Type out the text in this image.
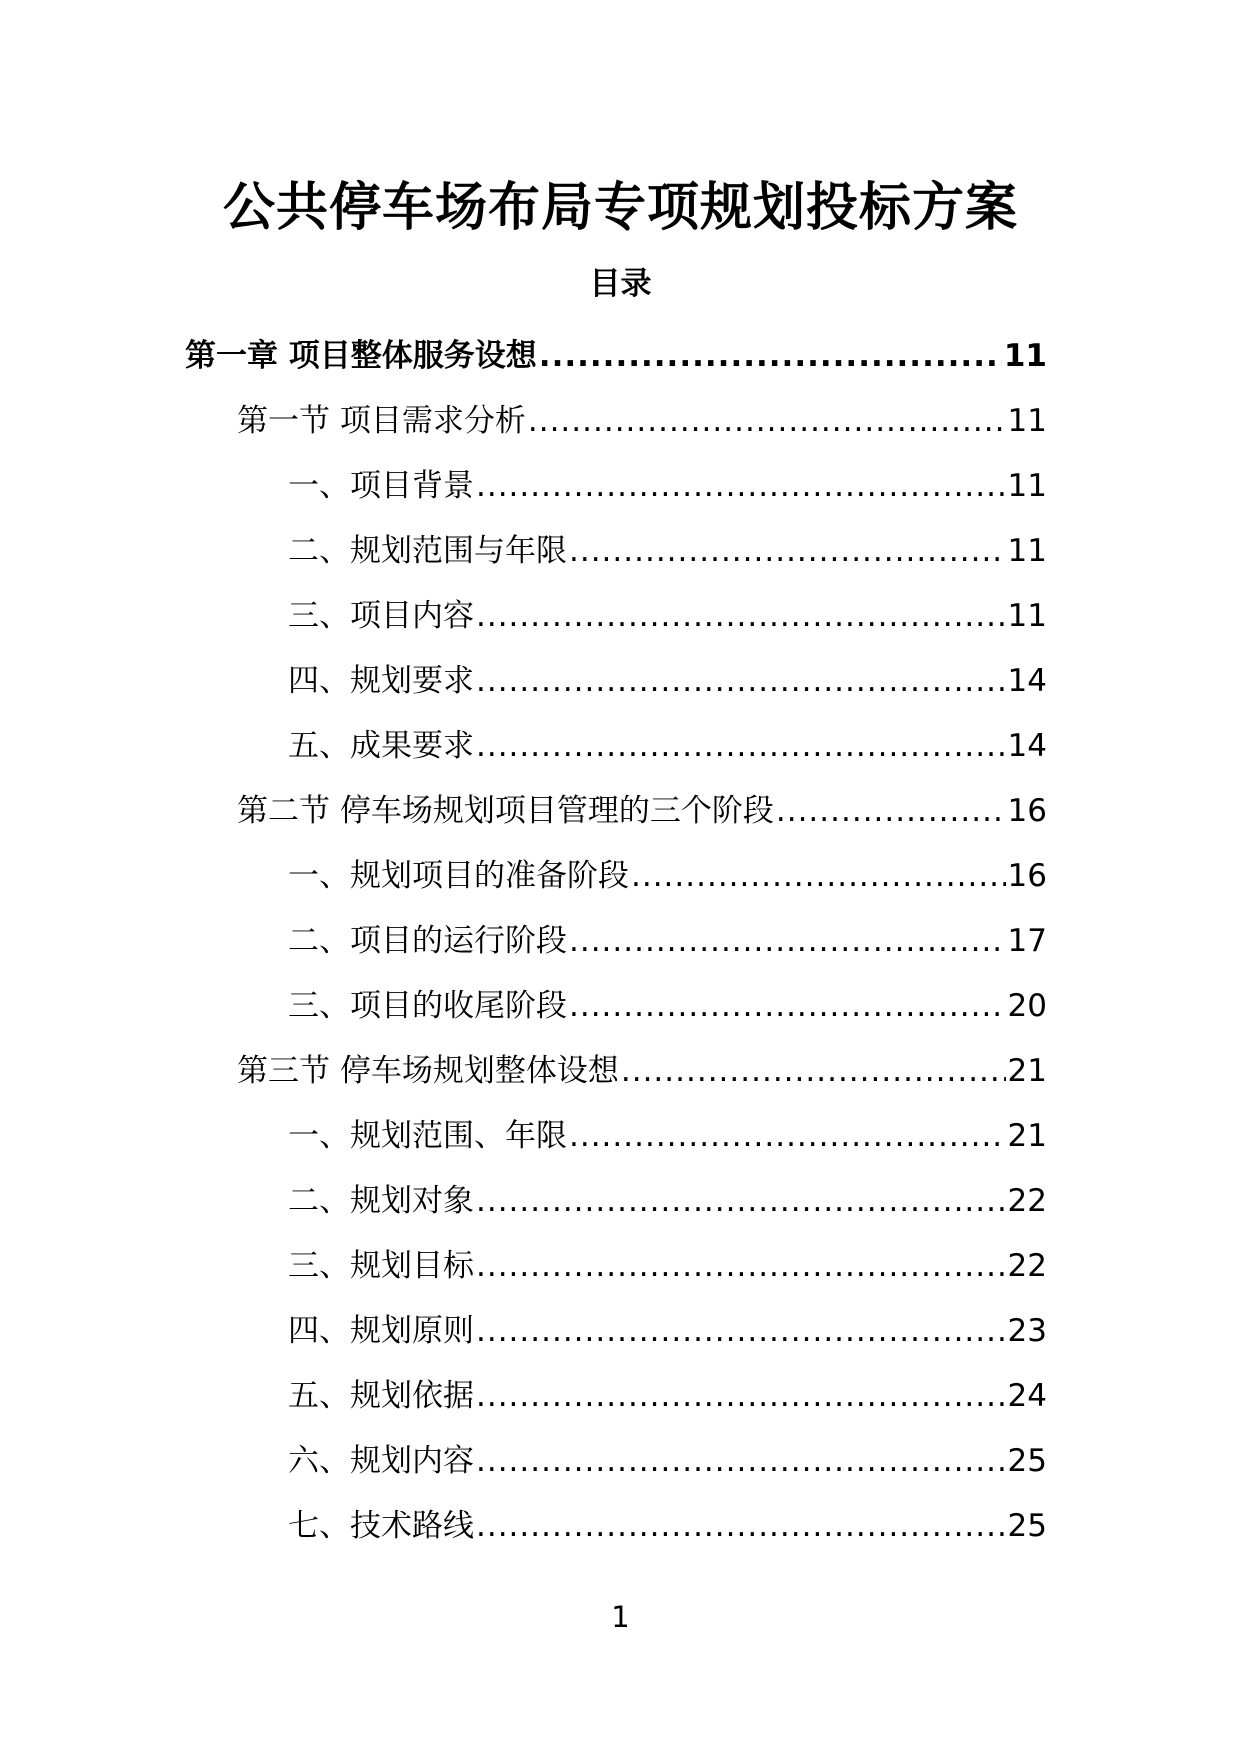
公共停车场布局专项规划投标方案
目录
第一章 项目整体服务设想 .....	11
第一节 项目需求分析 .....	11
一、项目背景 .....	11
二、规划范围与年限 .....	11
三、项目内容 .....	11
四、规划要求 .....	14
五、成果要求 .....	14
第二节 停车场规划项目管理的三个阶段 .....	16
一、规划项目的准备阶段 .....	16
二、项目的运行阶段 .....	17
三、项目的收尾阶段 .....	20
第三节 停车场规划整体设想 .....	21
一、规划范围、年限 .....	21
二、规划对象 .....	22
三、规划目标 .....	22
四、规划原则 .....	23
五、规划依据 .....	24
六、规划内容 .....	25
七、技术路线 .....	25
1
